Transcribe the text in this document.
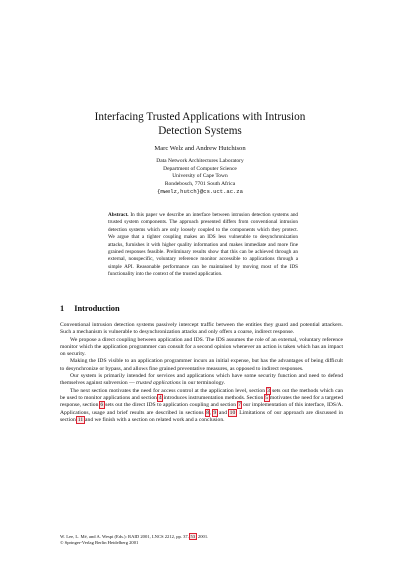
Interfacing Trusted Applications with Intrusion
Detection Systems
Marc Welz and Andrew Hutchison
Data Network Architectures Laboratory
Department of Computer Science
University of Cape Town
Rondebosch, 7701 South Africa
{mwelz,hutch}@cs.uct.ac.za
Abstract. In this paper we describe an interface between intrusion detection systems and trusted system components. The approach presented differs from conventional intrusion detection systems which are only loosely coupled to the components which they protect. We argue that a tighter coupling makes an IDS less vulnerable to desynchronization attacks, furnishes it with higher quality information and makes immediate and more fine grained responses feasible. Preliminary results show that this can be achieved through an external, nonspecific, voluntary reference monitor accessible to applications through a simple API. Reasonable performance can be maintained by moving most of the IDS functionality into the context of the trusted application.
1 Introduction

Conventional intrusion detection systems passively intercept traffic between the entities they guard and potential attackers. Such a mechanism is vulnerable to desynchronization attacks and only offers a coarse, indirect response.

We propose a direct coupling between application and IDS. The IDS assumes the role of an external, voluntary reference monitor which the application programmer can consult for a second opinion whenever an action is taken which has an impact on security.

Making the IDS visible to an application programmer incurs an initial expense, but has the advantages of being difficult to desynchronize or bypass, and allows fine grained preventative measures, as opposed to indirect responses.

Our system is primarily intended for services and applications which have some security function and need to defend themselves against subversion — trusted applications in our terminology.

The next section motivates the need for access control at the application level, section 3 sets out the methods which can be used to monitor applications and section 4 introduces instrumentation methods. Section 5 motivates the need for a targeted response, section 6 sets out the direct IDS to application coupling and section 7 our implementation of this interface, IDS/A. Applications, usage and brief results are described in sections 8, 9 and 10. Limitations of our approach are discussed in section 11 and we finish with a section on related work and a conclusion.

W. Lee, L. Mé, and A. Wespi (Eds.): RAID 2001, LNCS 2212, pp. 37–53, 2001.
© Springer-Verlag Berlin Heidelberg 2001
